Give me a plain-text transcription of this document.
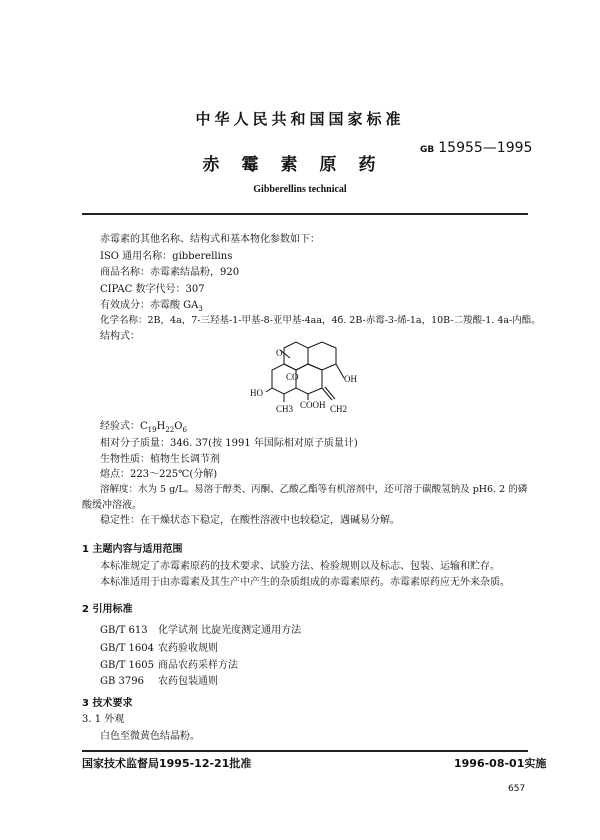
中华人民共和国国家标准
GB 15955—1995
赤霉素原药
Gibberellins technical
赤霉素的其他名称、结构式和基本物化参数如下：
ISO 通用名称：gibberellins
商品名称：赤霉素结晶粉，920
CIPAC 数字代号：307
有效成分：赤霉酸 $GA_3$
化学名称：2B，4a，7-三羟基-1-甲基-8-亚甲基-4aa，4б. 2B-赤霉-3-烯-1a，10B-二羧酸-1. 4a-内酯。
结构式：
CO
O
OH
HO
CH3 COOH CH2
经验式：$C_{19}H_{22}O_6$
相对分子质量：346. 37(按 1991 年国际相对原子质量计)
生物性质：植物生长调节剂
熔点：223～225℃(分解)
溶解度：水为 5 g/L。易溶于醇类、丙酮、乙酸乙酯等有机溶剂中，还可溶于碳酸氢钠及 pH6. 2 的磷
酸缓冲溶液。
稳定性：在干燥状态下稳定，在酸性溶液中也较稳定，遇碱易分解。
1 主题内容与适用范围
本标准规定了赤霉素原药的技术要求、试验方法、检验规则以及标志、包装、运输和贮存。
本标准适用于由赤霉素及其生产中产生的杂质组成的赤霉素原药。赤霉素原药应无外来杂质。
2 引用标准
GB/T 613 化学试剂 比旋光度测定通用方法
GB/T 1604 农药验收规则
GB/T 1605 商品农药采样方法
GB 3796 农药包装通则
3 技术要求
3. 1 外观
白色至微黄色结晶粉。
国家技术监督局1995-12-21批准	1996-08-01实施
657
